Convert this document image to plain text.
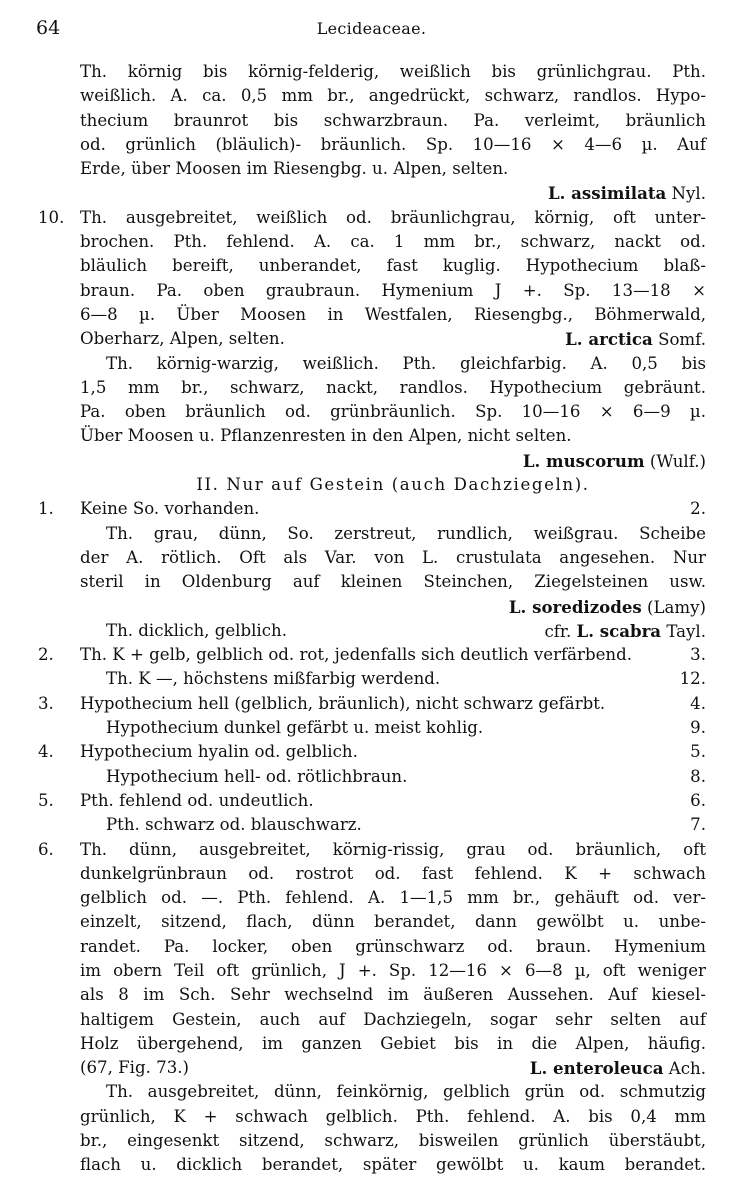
64	Lecideaceae.
Th. körnig bis körnig-felderig, weißlich bis grünlichgrau. Pth.
weißlich. A. ca. 0,5 mm br., angedrückt, schwarz, randlos. Hypo-
thecium braunrot bis schwarzbraun. Pa. verleimt, bräunlich
od. grünlich (bläulich)- bräunlich. Sp. 10—16 × 4—6 µ. Auf
Erde, über Moosen im Riesengbg. u. Alpen, selten.
L. assimilata Nyl.
10. Th. ausgebreitet, weißlich od. bräunlichgrau, körnig, oft unter-
brochen. Pth. fehlend. A. ca. 1 mm br., schwarz, nackt od.
bläulich bereift, unberandet, fast kuglig. Hypothecium blaß-
braun. Pa. oben graubraun. Hymenium J +. Sp. 13—18 ×
6—8 µ. Über Moosen in Westfalen, Riesengbg., Böhmerwald,
Oberharz, Alpen, selten.	L. arctica Somf.
Th. körnig-warzig, weißlich. Pth. gleichfarbig. A. 0,5 bis
1,5 mm br., schwarz, nackt, randlos. Hypothecium gebräunt.
Pa. oben bräunlich od. grünbräunlich. Sp. 10—16 × 6—9 µ.
Über Moosen u. Pflanzenresten in den Alpen, nicht selten.
L. muscorum (Wulf.)
II. Nur auf Gestein (auch Dachziegeln).
1. Keine So. vorhanden.	2.
Th. grau, dünn, So. zerstreut, rundlich, weißgrau. Scheibe
der A. rötlich. Oft als Var. von L. crustulata angesehen. Nur
steril in Oldenburg auf kleinen Steinchen, Ziegelsteinen usw.
L. soredizodes (Lamy)
Th. dicklich, gelblich.	cfr. L. scabra Tayl.
2. Th. K + gelb, gelblich od. rot, jedenfalls sich deutlich verfärbend.	3.
Th. K —, höchstens mißfarbig werdend.	12.
3. Hypothecium hell (gelblich, bräunlich), nicht schwarz gefärbt.	4.
Hypothecium dunkel gefärbt u. meist kohlig.	9.
4. Hypothecium hyalin od. gelblich.	5.
Hypothecium hell- od. rötlichbraun.	8.
5. Pth. fehlend od. undeutlich.	6.
Pth. schwarz od. blauschwarz.	7.
6. Th. dünn, ausgebreitet, körnig-rissig, grau od. bräunlich, oft
dunkelgrünbraun od. rostrot od. fast fehlend. K + schwach
gelblich od. —. Pth. fehlend. A. 1—1,5 mm br., gehäuft od. ver-
einzelt, sitzend, flach, dünn berandet, dann gewölbt u. unbe-
randet. Pa. locker, oben grünschwarz od. braun. Hymenium
im obern Teil oft grünlich, J +. Sp. 12—16 × 6—8 µ, oft weniger
als 8 im Sch. Sehr wechselnd im äußeren Aussehen. Auf kiesel-
haltigem Gestein, auch auf Dachziegeln, sogar sehr selten auf
Holz übergehend, im ganzen Gebiet bis in die Alpen, häufig.
(67, Fig. 73.)	L. enteroleuca Ach.
Th. ausgebreitet, dünn, feinkörnig, gelblich grün od. schmutzig
grünlich, K + schwach gelblich. Pth. fehlend. A. bis 0,4 mm
br., eingesenkt sitzend, schwarz, bisweilen grünlich überstäubt,
flach u. dicklich berandet, später gewölbt u. kaum berandet.
